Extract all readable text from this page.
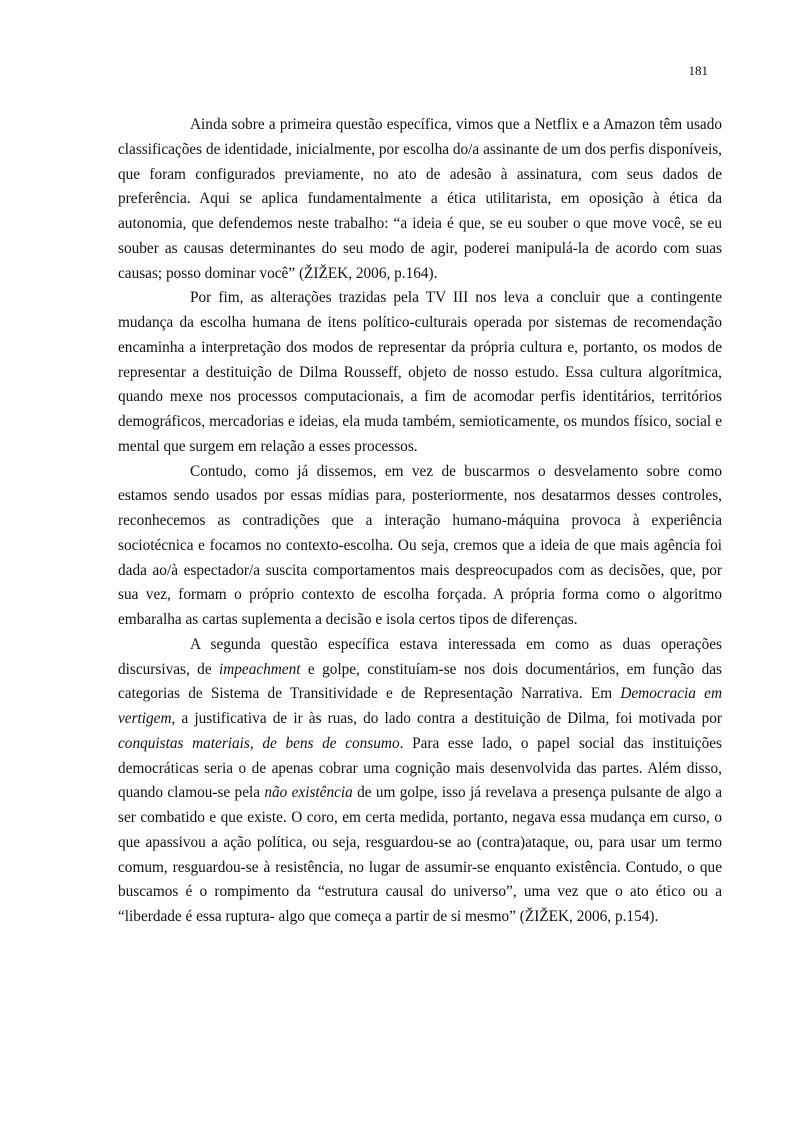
181

Ainda sobre a primeira questão específica, vimos que a Netflix e a Amazon têm usado classificações de identidade, inicialmente, por escolha do/a assinante de um dos perfis disponíveis, que foram configurados previamente, no ato de adesão à assinatura, com seus dados de preferência. Aqui se aplica fundamentalmente a ética utilitarista, em oposição à ética da autonomia, que defendemos neste trabalho: “a ideia é que, se eu souber o que move você, se eu souber as causas determinantes do seu modo de agir, poderei manipulá-la de acordo com suas causas; posso dominar você” (ŽIŽEK, 2006, p.164).

Por fim, as alterações trazidas pela TV III nos leva a concluir que a contingente mudança da escolha humana de itens político-culturais operada por sistemas de recomendação encaminha a interpretação dos modos de representar da própria cultura e, portanto, os modos de representar a destituição de Dilma Rousseff, objeto de nosso estudo. Essa cultura algorítmica, quando mexe nos processos computacionais, a fim de acomodar perfis identitários, territórios demográficos, mercadorias e ideias, ela muda também, semioticamente, os mundos físico, social e mental que surgem em relação a esses processos.

Contudo, como já dissemos, em vez de buscarmos o desvelamento sobre como estamos sendo usados por essas mídias para, posteriormente, nos desatarmos desses controles, reconhecemos as contradições que a interação humano-máquina provoca à experiência sociotécnica e focamos no contexto-escolha. Ou seja, cremos que a ideia de que mais agência foi dada ao/à espectador/a suscita comportamentos mais despreocupados com as decisões, que, por sua vez, formam o próprio contexto de escolha forçada. A própria forma como o algoritmo embaralha as cartas suplementa a decisão e isola certos tipos de diferenças.

A segunda questão específica estava interessada em como as duas operações discursivas, de impeachment e golpe, constituíam-se nos dois documentários, em função das categorias de Sistema de Transitividade e de Representação Narrativa. Em Democracia em vertigem, a justificativa de ir às ruas, do lado contra a destituição de Dilma, foi motivada por conquistas materiais, de bens de consumo. Para esse lado, o papel social das instituições democráticas seria o de apenas cobrar uma cognição mais desenvolvida das partes. Além disso, quando clamou-se pela não existência de um golpe, isso já revelava a presença pulsante de algo a ser combatido e que existe. O coro, em certa medida, portanto, negava essa mudança em curso, o que apassivou a ação política, ou seja, resguardou-se ao (contra)ataque, ou, para usar um termo comum, resguardou-se à resistência, no lugar de assumir-se enquanto existência. Contudo, o que buscamos é o rompimento da “estrutura causal do universo”, uma vez que o ato ético ou a “liberdade é essa ruptura- algo que começa a partir de si mesmo” (ŽIŽEK, 2006, p.154).
